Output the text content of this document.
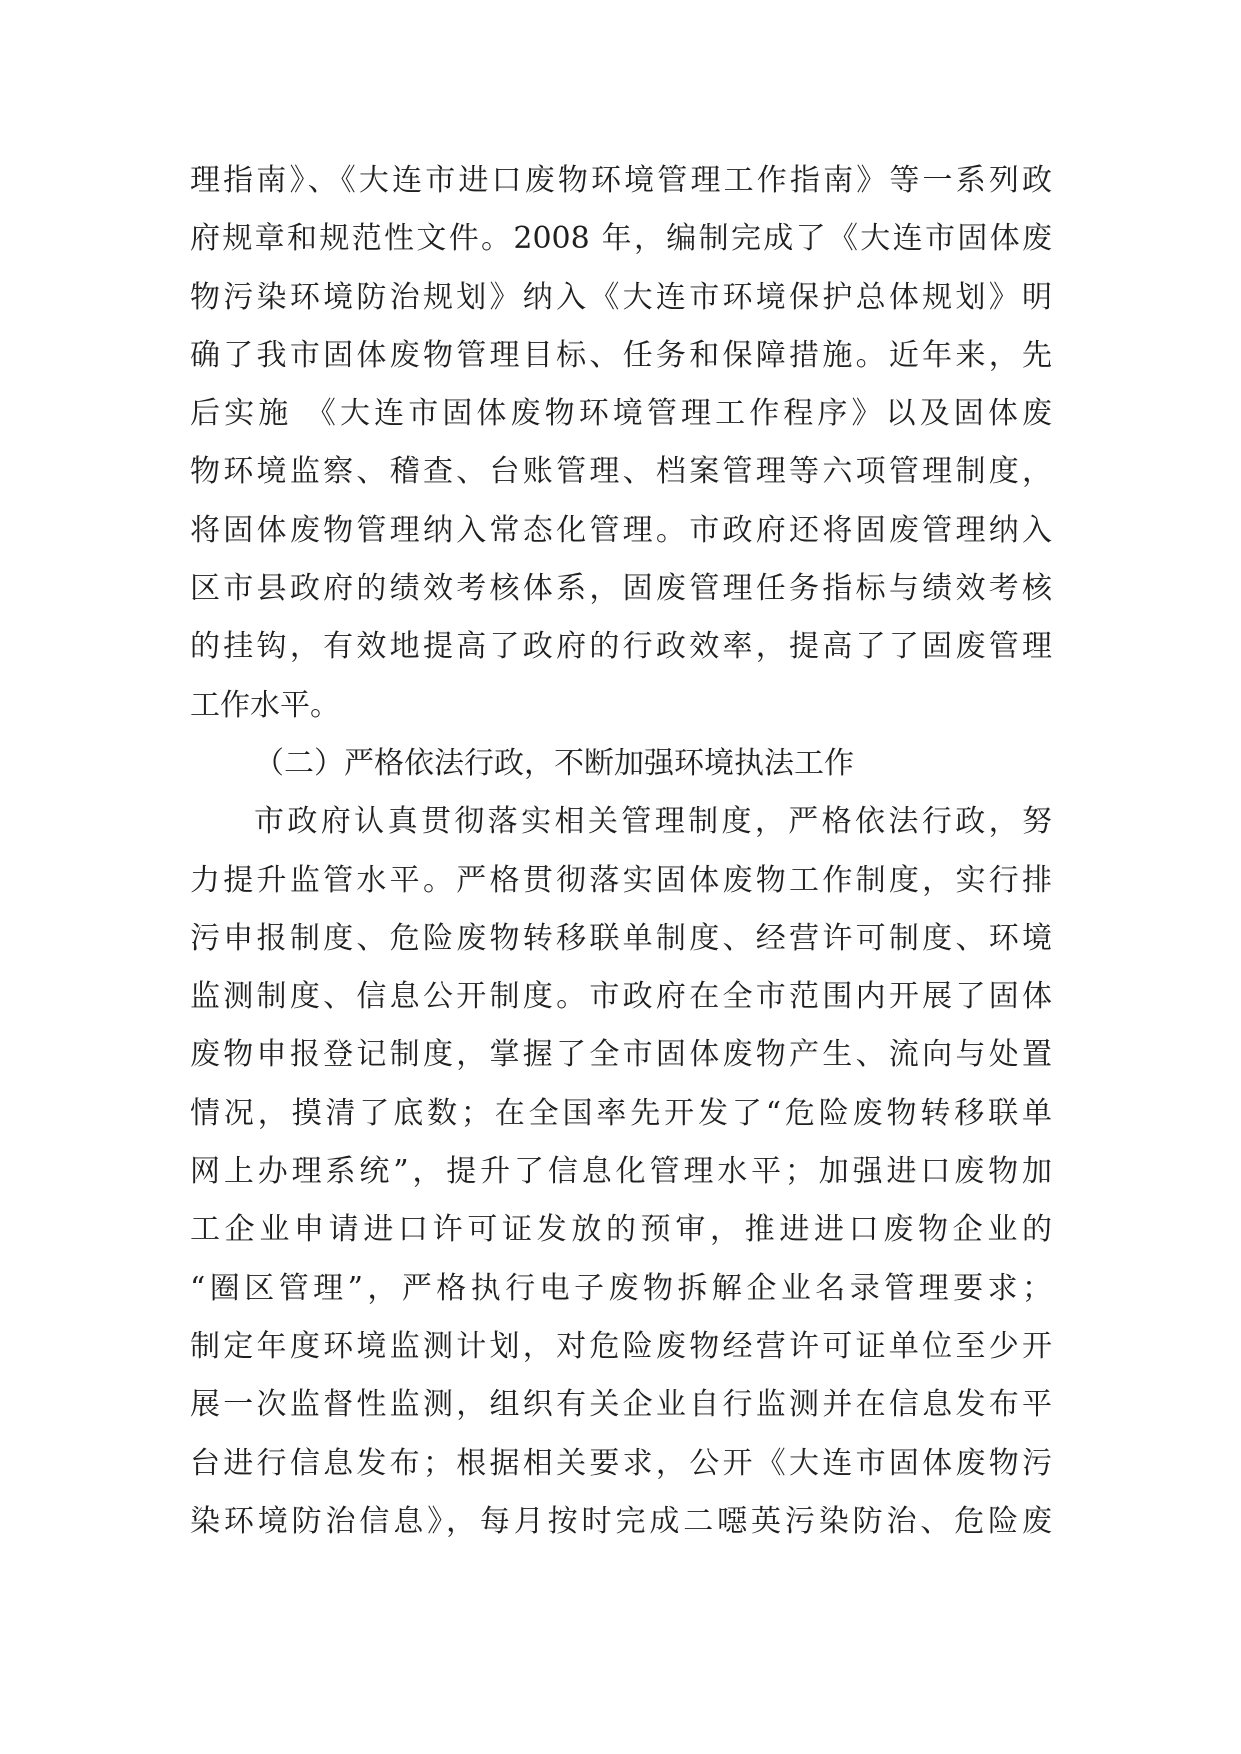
理指南》、《大连市进口废物环境管理工作指南》等一系列政
府规章和规范性文件。2008 年，编制完成了《大连市固体废
物污染环境防治规划》纳入《大连市环境保护总体规划》明
确了我市固体废物管理目标、任务和保障措施。近年来，先
后实施 《大连市固体废物环境管理工作程序》以及固体废
物环境监察、稽查、台账管理、档案管理等六项管理制度，
将固体废物管理纳入常态化管理。市政府还将固废管理纳入
区市县政府的绩效考核体系，固废管理任务指标与绩效考核
的挂钩，有效地提高了政府的行政效率，提高了了固废管理
工作水平。
（二）严格依法行政，不断加强环境执法工作
市政府认真贯彻落实相关管理制度，严格依法行政，努
力提升监管水平。严格贯彻落实固体废物工作制度，实行排
污申报制度、危险废物转移联单制度、经营许可制度、环境
监测制度、信息公开制度。市政府在全市范围内开展了固体
废物申报登记制度，掌握了全市固体废物产生、流向与处置
情况，摸清了底数；在全国率先开发了“危险废物转移联单
网上办理系统”，提升了信息化管理水平；加强进口废物加
工企业申请进口许可证发放的预审，推进进口废物企业的
“圈区管理”，严格执行电子废物拆解企业名录管理要求；
制定年度环境监测计划，对危险废物经营许可证单位至少开
展一次监督性监测，组织有关企业自行监测并在信息发布平
台进行信息发布；根据相关要求，公开《大连市固体废物污
染环境防治信息》，每月按时完成二噁英污染防治、危险废
